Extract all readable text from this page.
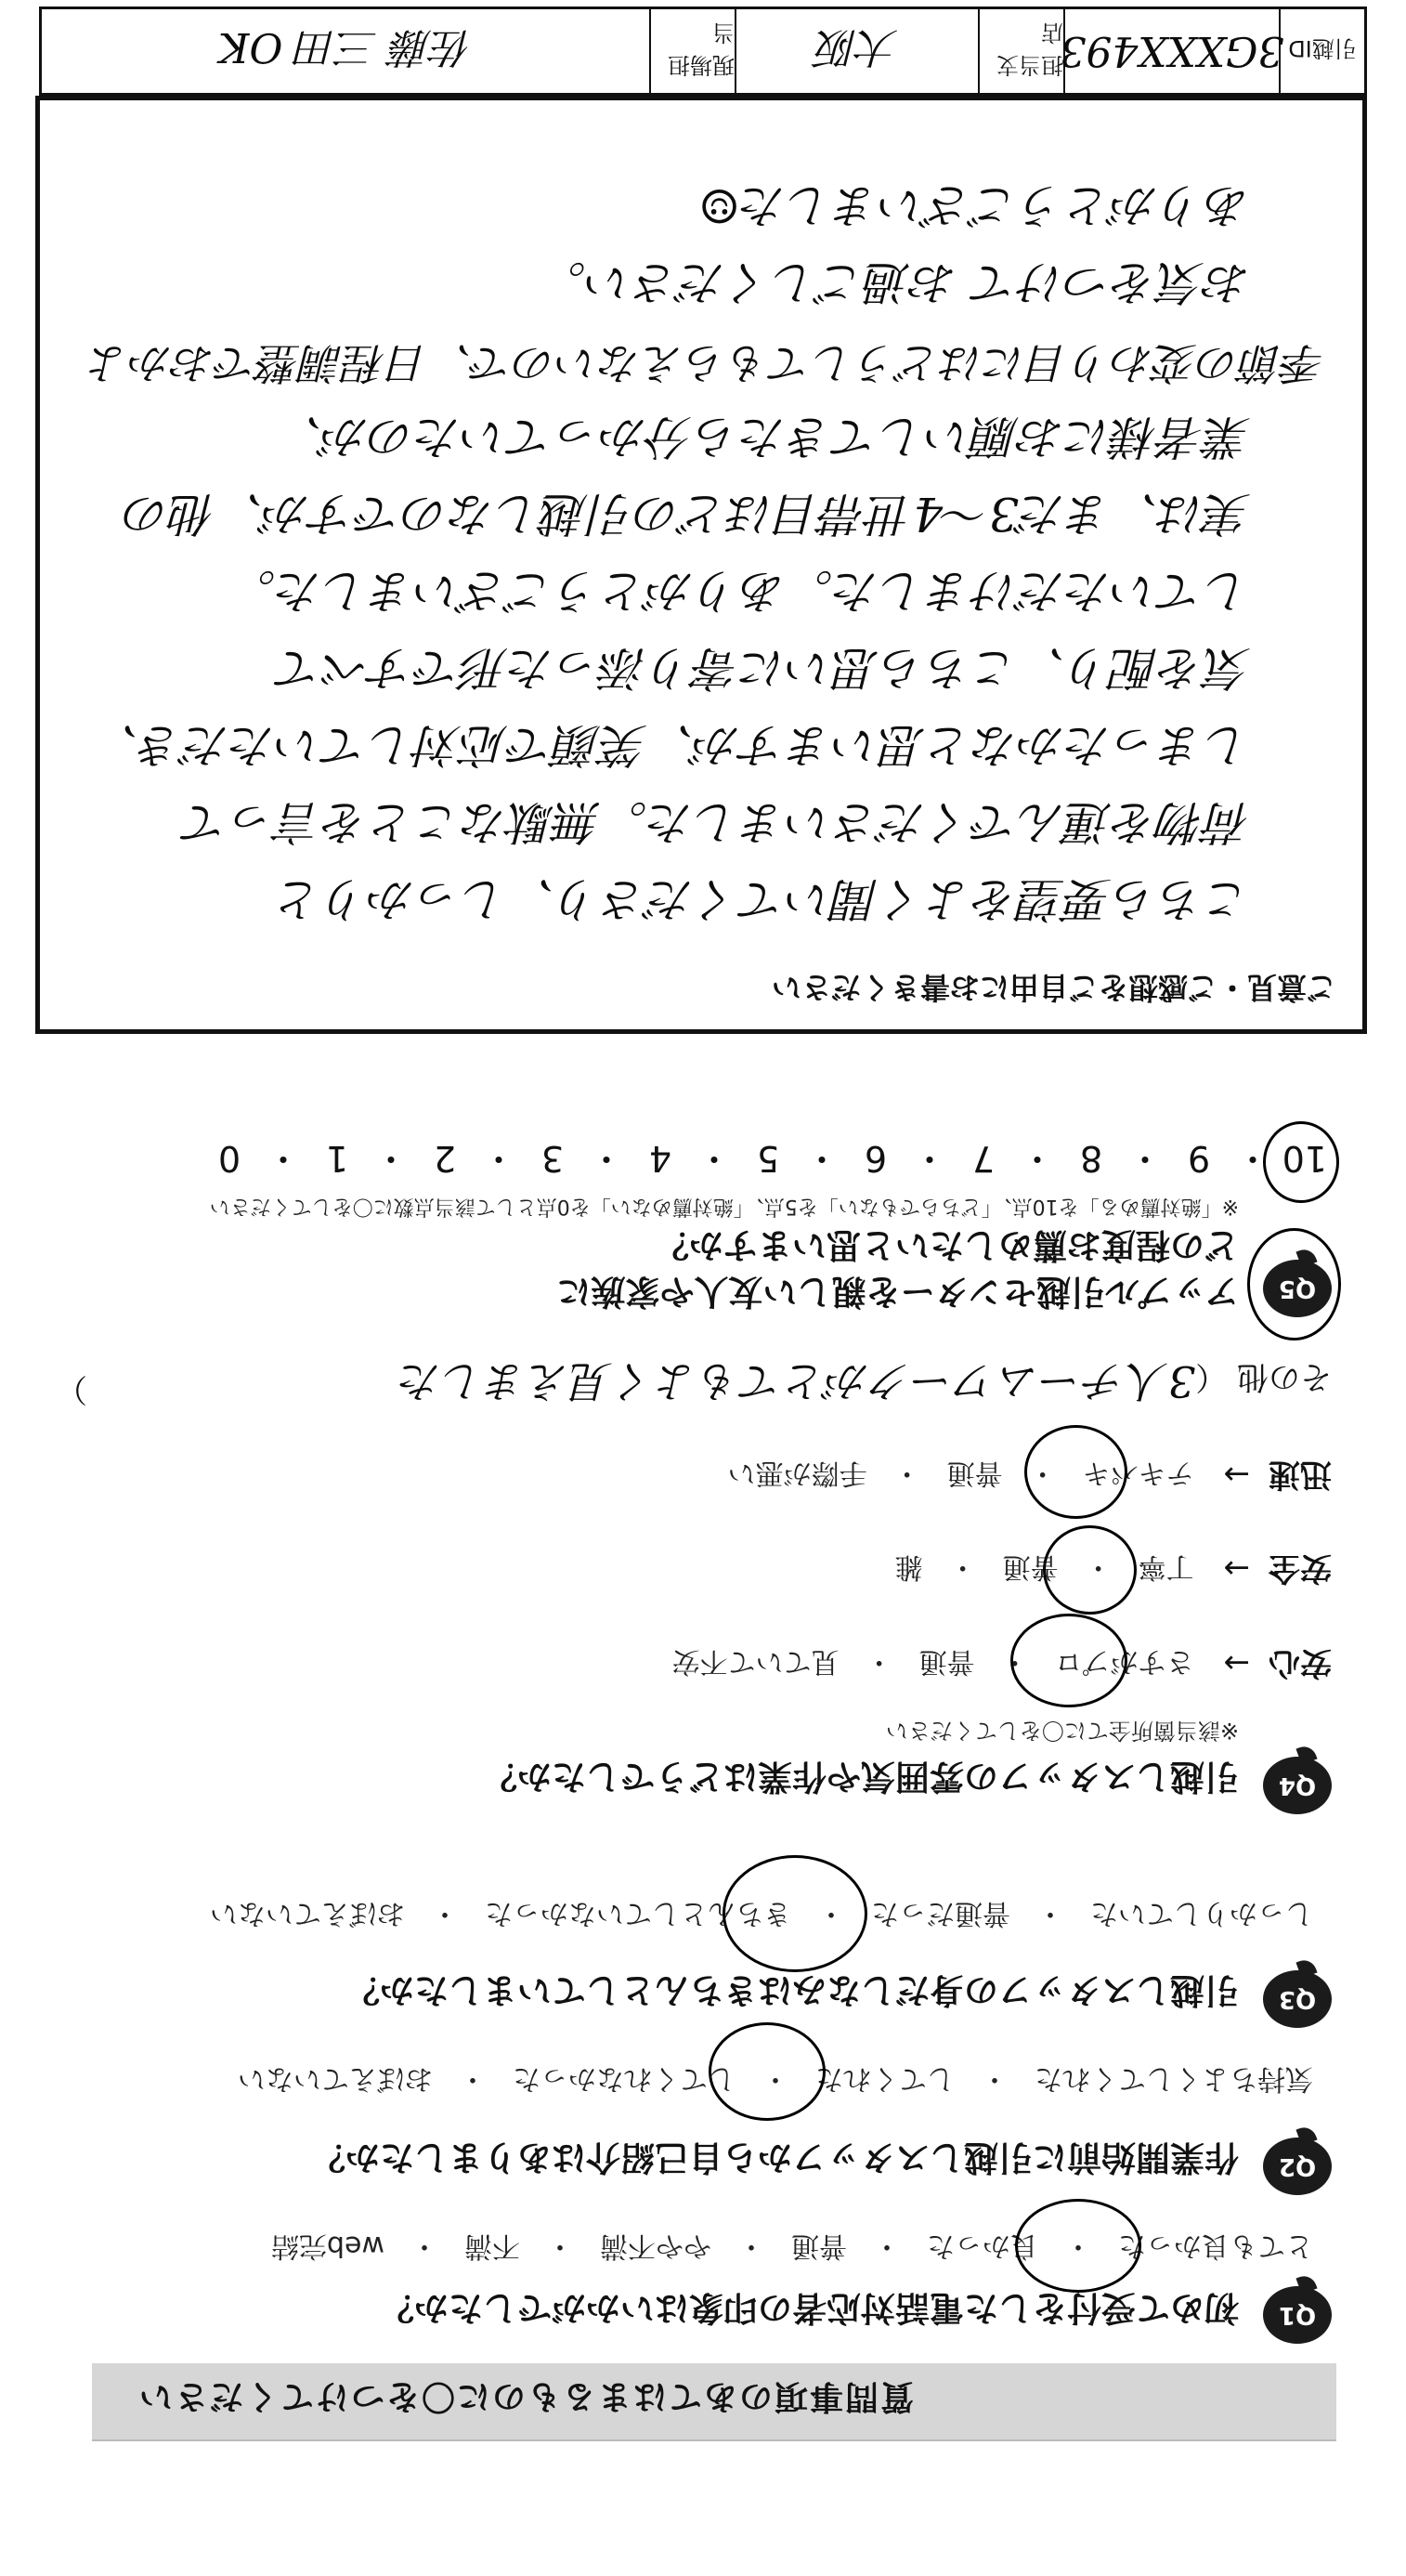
質問事項のあてはまるものに〇をつけてください
Q1
初めて受付をした電話対応者の印象はいかがでしたか？
とても良かった・良かった・普通・やや不満・不満・web完結
Q2
作業開始前に引越しスタッフから自己紹介はありましたか？
気持ちよくしてくれた・してくれた・してくれなかった・おぼえていない
Q3
引越しスタッフの身だしなみはきちんとしていましたか？
しっかりしていた・普通だった・きちんとしていなかった・おぼえていない
Q4
引越しスタッフの雰囲気や作業はどうでしたか？
※該当箇所全てに〇をしてください
安心→ さすがプロ・普通・見ていて不安
安全→ 丁寧・普通・雑
迅速→ テキパキ・普通・手際が悪い
その他 （3人チームワークがとてもよく見えました
）
Q5
アップル引越センターを親しい友人や家族に
どの程度お薦めしたいと思いますか？
※「絶対薦める」を10点、「どちらでもない」を5点、「絶対薦めない」を0点として該当点数に〇をしてください
10・9・8・7・6・5・4・3・2・1・0
ご意見・ご感想をご自由にお書きください
こちら要望をよく聞いてくださり、しっかりと
荷物を運んでくださいました。無駄なことを言って
しまったかなと思いますが、笑顔で応対していただき、
気を配り、こちら思いに寄り添った形ですべて
していただけました。ありがとうございました。
実は、まだ3〜4世帯目ほどの引越しなのですが、他の
業者様にお願いしてきたら分かっていたのが、
季節の変わり目にはどうしてもらえないので、日程調整でおかよ
お気をつけて お過ごしください。
ありがとうございました☺
引越ID
3GXXX493
担当支店
大阪
現場担当
佐藤 三田 OK
